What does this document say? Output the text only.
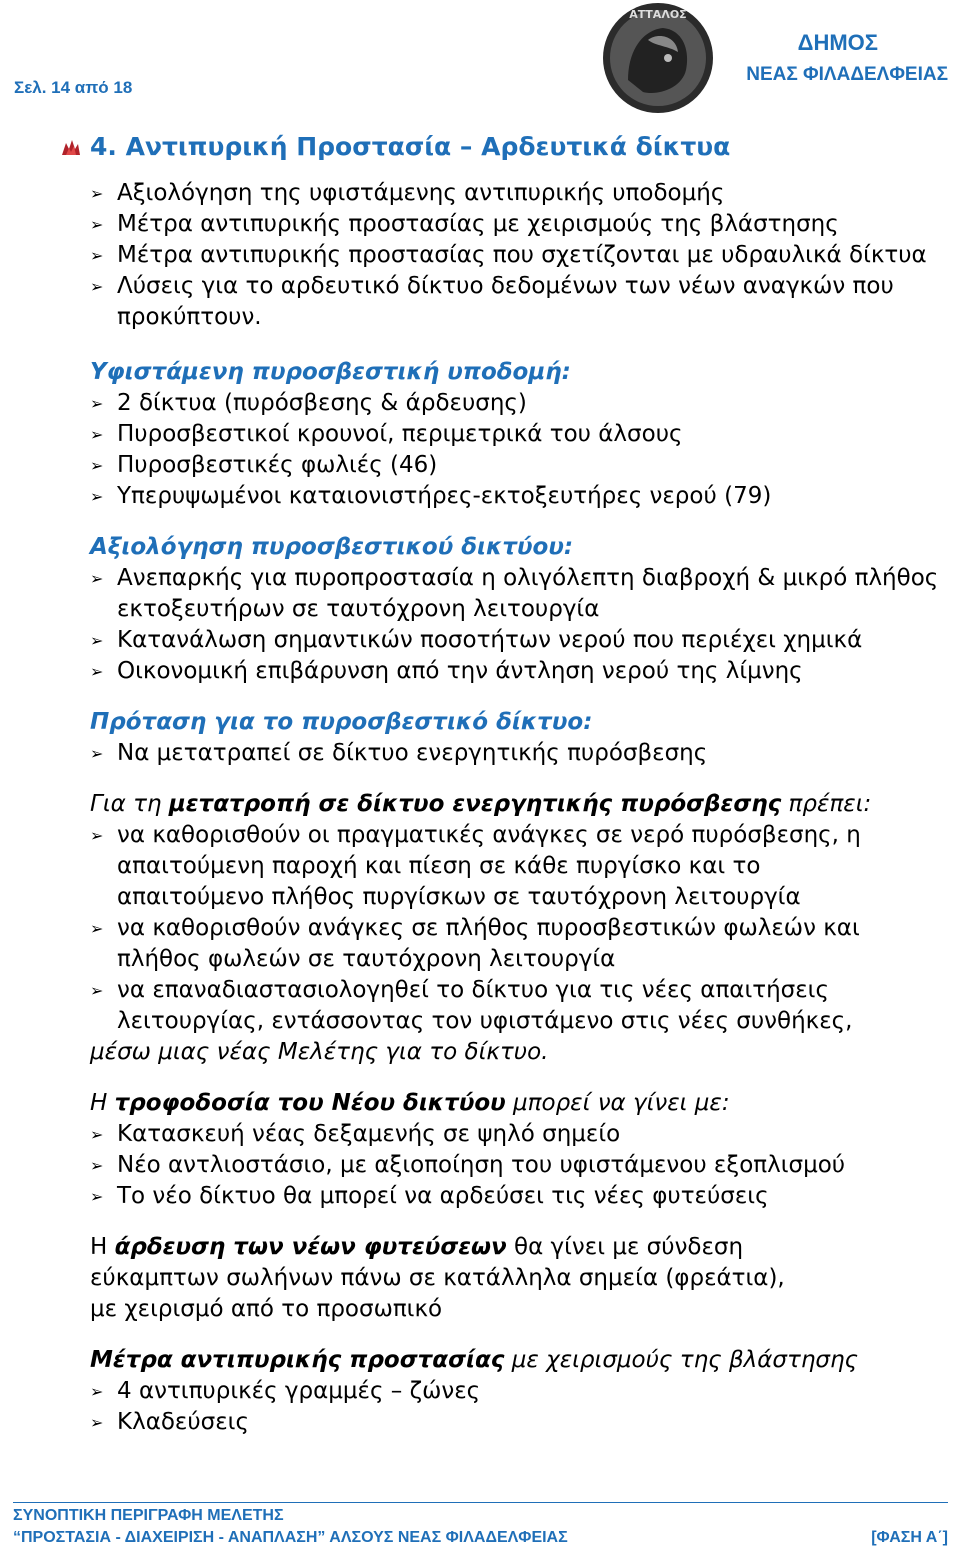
Σελ. 14 από 18
ΑΤΤΑΛΟΣ
ΔΗΜΟΣ
ΝΕΑΣ ΦΙΛΑΔΕΛΦΕΙΑΣ
4. Αντιπυρική Προστασία – Αρδευτικά δίκτυα
➢ Αξιολόγηση της υφιστάμενης αντιπυρικής υποδομής
➢ Μέτρα αντιπυρικής προστασίας με χειρισμούς της βλάστησης
➢ Μέτρα αντιπυρικής προστασίας που σχετίζονται με υδραυλικά δίκτυα
➢ Λύσεις για το αρδευτικό δίκτυο δεδομένων των νέων αναγκών που προκύπτουν.
Υφιστάμενη πυροσβεστική υποδομή:
➢ 2 δίκτυα (πυρόσβεσης & άρδευσης)
➢ Πυροσβεστικοί κρουνοί, περιμετρικά του άλσους
➢ Πυροσβεστικές φωλιές (46)
➢ Υπερυψωμένοι καταιονιστήρες-εκτοξευτήρες νερού (79)
Αξιολόγηση πυροσβεστικού δικτύου:
➢ Ανεπαρκής για πυροπροστασία η ολιγόλεπτη διαβροχή & μικρό πλήθος εκτοξευτήρων σε ταυτόχρονη λειτουργία
➢ Κατανάλωση σημαντικών ποσοτήτων νερού που περιέχει χημικά
➢ Οικονομική επιβάρυνση από την άντληση νερού της λίμνης
Πρόταση για το πυροσβεστικό δίκτυο:
➢ Να μετατραπεί σε δίκτυο ενεργητικής πυρόσβεσης
Για τη μετατροπή σε δίκτυο ενεργητικής πυρόσβεσης πρέπει:
➢ να καθορισθούν οι πραγματικές ανάγκες σε νερό πυρόσβεσης, η
απαιτούμενη παροχή και πίεση σε κάθε πυργίσκο και το
απαιτούμενο πλήθος πυργίσκων σε ταυτόχρονη λειτουργία
➢ να καθορισθούν ανάγκες σε πλήθος πυροσβεστικών φωλεών και
πλήθος φωλεών σε ταυτόχρονη λειτουργία
➢ να επαναδιαστασιολογηθεί το δίκτυο για τις νέες απαιτήσεις
λειτουργίας, εντάσσοντας τον υφιστάμενο στις νέες συνθήκες,
μέσω μιας νέας Μελέτης για το δίκτυο.
Η τροφοδοσία του Νέου δικτύου μπορεί να γίνει με:
➢ Κατασκευή νέας δεξαμενής σε ψηλό σημείο
➢ Νέο αντλιοστάσιο, με αξιοποίηση του υφιστάμενου εξοπλισμού
➢ Το νέο δίκτυο θα μπορεί να αρδεύσει τις νέες φυτεύσεις
Η άρδευση των νέων φυτεύσεων θα γίνει με σύνδεση
εύκαμπτων σωλήνων πάνω σε κατάλληλα σημεία (φρεάτια),
με χειρισμό από το προσωπικό
Μέτρα αντιπυρικής προστασίας με χειρισμούς της βλάστησης
➢ 4 αντιπυρικές γραμμές – ζώνες
➢ Κλαδεύσεις
ΣΥΝΟΠΤΙΚΗ ΠΕΡΙΓΡΑΦΗ ΜΕΛΕΤΗΣ
“ΠΡΟΣΤΑΣΙΑ - ΔΙΑΧΕΙΡΙΣΗ - ΑΝΑΠΛΑΣΗ” ΑΛΣΟΥΣ ΝΕΑΣ ΦΙΛΑΔΕΛΦΕΙΑΣ	[ΦΑΣΗ Α΄]
